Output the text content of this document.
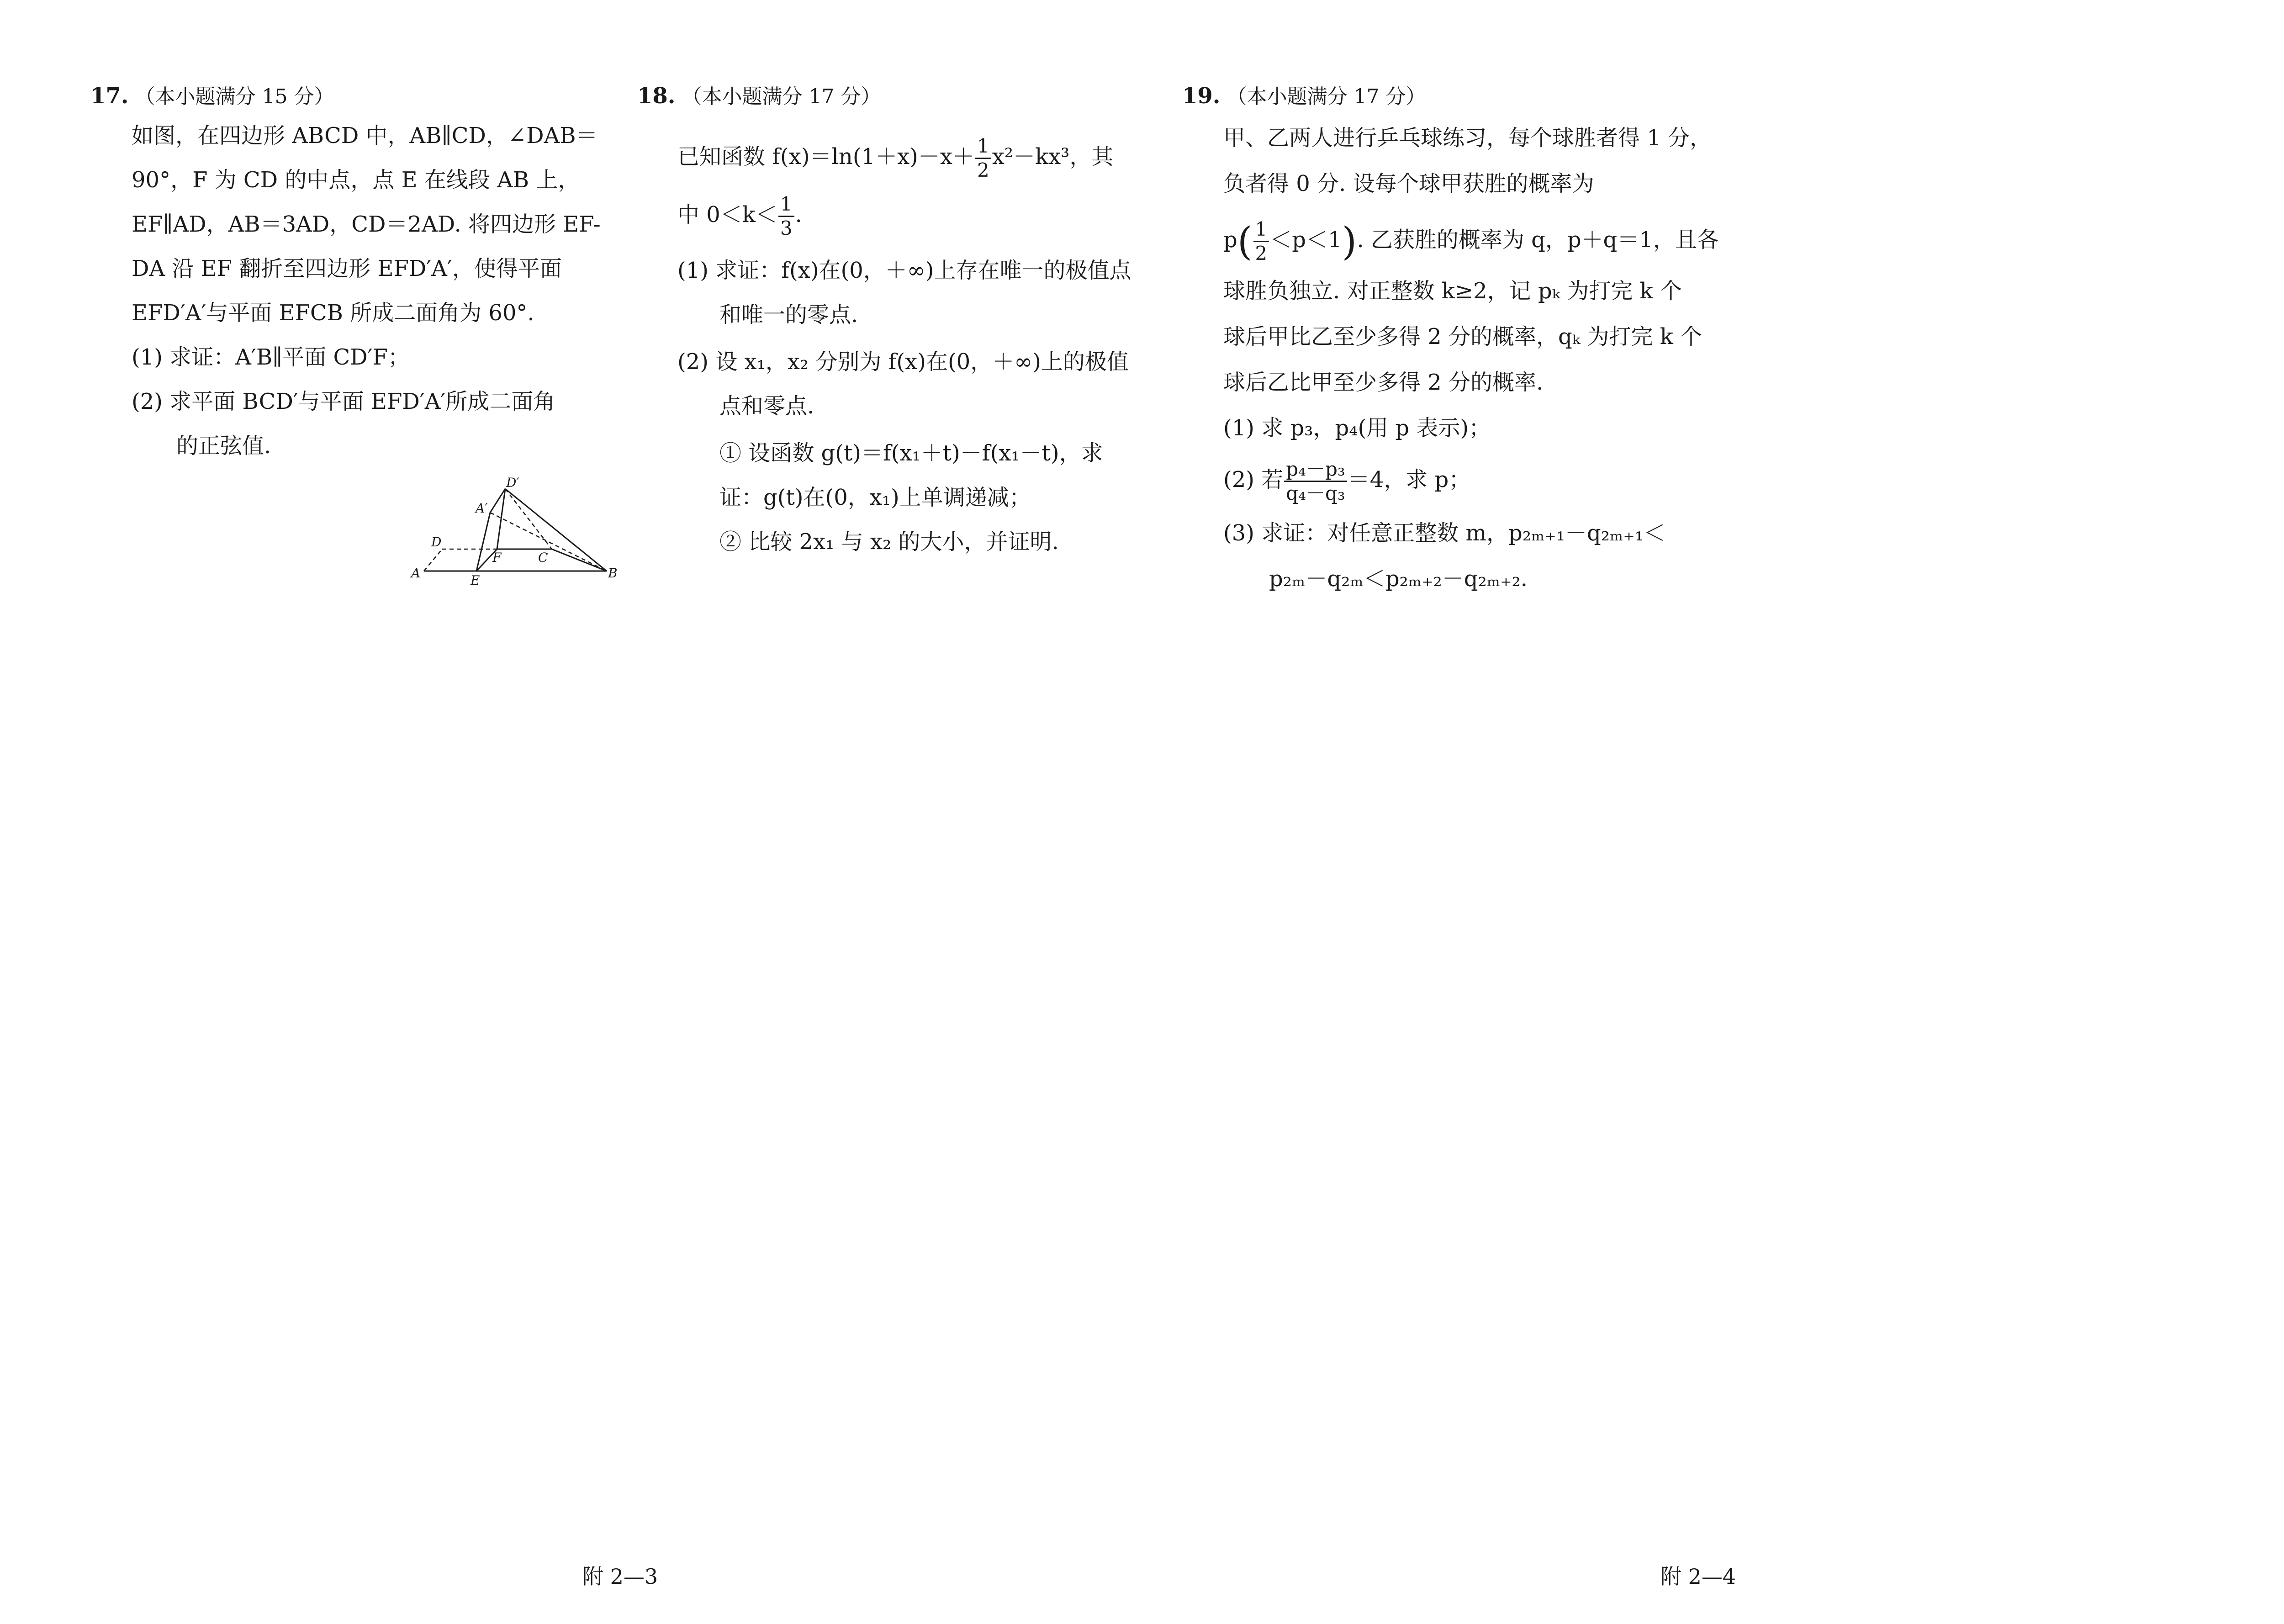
17. （本小题满分 15 分）
如图，在四边形 ABCD 中，AB∥CD，∠DAB＝
90°，F 为 CD 的中点，点 E 在线段 AB 上，
EF∥AD，AB＝3AD，CD＝2AD. 将四边形 EF-
DA 沿 EF 翻折至四边形 EFD′A′，使得平面
EFD′A′与平面 EFCB 所成二面角为 60°.
(1) 求证：A′B∥平面 CD′F；
(2) 求平面 BCD′与平面 EFD′A′所成二面角
的正弦值.
D′
A′
D
F	C
A	E	B
18. （本小题满分 17 分）
已知函数 $f(x)=\ln(1+x)-x+ \frac{1}{2} x^2-kx^3$，其
中 $0<k< \frac{1}{3}$ .
(1) 求证：f(x)在(0，＋∞)上存在唯一的极值点
和唯一的零点.
(2) 设 x₁，x₂ 分别为 f(x)在(0，＋∞)上的极值
点和零点.
① 设函数 g(t)＝f(x₁＋t)－f(x₁－t)，求
证：g(t)在(0，x₁)上单调递减；
② 比较 2x₁ 与 x₂ 的大小，并证明.
19. （本小题满分 17 分）
甲、乙两人进行乒乓球练习，每个球胜者得 1 分，
负者得 0 分. 设每个球甲获胜的概率为
$p( \frac{1}{2} <p<1)$. 乙获胜的概率为 q，p＋q＝1，且各
球胜负独立. 对正整数 k≥2，记 pₖ 为打完 k 个
球后甲比乙至少多得 2 分的概率，qₖ 为打完 k 个
球后乙比甲至少多得 2 分的概率.
(1) 求 p₃，p₄(用 p 表示)；
(2) 若 $\frac{\text{p₄－p₃}}{\text{q₄－q₃}} =4$，求 p；
(3) 求证：对任意正整数 m，p₂ₘ₊₁－q₂ₘ₊₁＜
p₂ₘ－q₂ₘ＜p₂ₘ₊₂－q₂ₘ₊₂.
附 2—3	附 2—4
